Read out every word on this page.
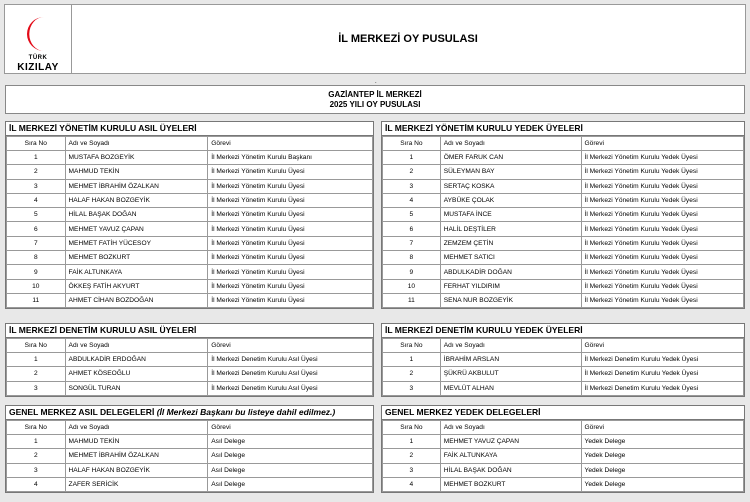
TÜRK
KIZILAY
İL MERKEZİ OY PUSULASI
.
GAZİANTEP İL MERKEZİ
2025 YILI OY PUSULASI
İL MERKEZİ YÖNETİM KURULU ASIL ÜYELERİ
Sıra No	Adı ve Soyadı	Görevi
1	MUSTAFA BOZGEYİK	İl Merkezi Yönetim Kurulu Başkanı
2	MAHMUD TEKİN	İl Merkezi Yönetim Kurulu Üyesi
3	MEHMET İBRAHİM ÖZALKAN	İl Merkezi Yönetim Kurulu Üyesi
4	HALAF HAKAN BOZGEYİK	İl Merkezi Yönetim Kurulu Üyesi
5	HİLAL BAŞAK DOĞAN	İl Merkezi Yönetim Kurulu Üyesi
6	MEHMET YAVUZ ÇAPAN	İl Merkezi Yönetim Kurulu Üyesi
7	MEHMET FATİH YÜCESOY	İl Merkezi Yönetim Kurulu Üyesi
8	MEHMET BOZKURT	İl Merkezi Yönetim Kurulu Üyesi
9	FAİK ALTUNKAYA	İl Merkezi Yönetim Kurulu Üyesi
10	ÖKKEŞ FATİH AKYURT	İl Merkezi Yönetim Kurulu Üyesi
11	AHMET CİHAN BOZDOĞAN	İl Merkezi Yönetim Kurulu Üyesi
İL MERKEZİ YÖNETİM KURULU YEDEK ÜYELERİ
Sıra No	Adı ve Soyadı	Görevi
1	ÖMER FARUK CAN	İl Merkezi Yönetim Kurulu Yedek Üyesi
2	SÜLEYMAN BAY	İl Merkezi Yönetim Kurulu Yedek Üyesi
3	SERTAÇ KOSKA	İl Merkezi Yönetim Kurulu Yedek Üyesi
4	AYBÜKE ÇOLAK	İl Merkezi Yönetim Kurulu Yedek Üyesi
5	MUSTAFA İNCE	İl Merkezi Yönetim Kurulu Yedek Üyesi
6	HALİL DEŞTİLER	İl Merkezi Yönetim Kurulu Yedek Üyesi
7	ZEMZEM ÇETİN	İl Merkezi Yönetim Kurulu Yedek Üyesi
8	MEHMET SATICI	İl Merkezi Yönetim Kurulu Yedek Üyesi
9	ABDULKADİR DOĞAN	İl Merkezi Yönetim Kurulu Yedek Üyesi
10	FERHAT YILDIRIM	İl Merkezi Yönetim Kurulu Yedek Üyesi
11	SENA NUR BOZGEYİK	İl Merkezi Yönetim Kurulu Yedek Üyesi
İL MERKEZİ DENETİM KURULU ASIL ÜYELERİ
Sıra No	Adı ve Soyadı	Görevi
1	ABDULKADİR ERDOĞAN	İl Merkezi Denetim Kurulu Asıl Üyesi
2	AHMET KÖSEOĞLU	İl Merkezi Denetim Kurulu Asıl Üyesi
3	SONGÜL TURAN	İl Merkezi Denetim Kurulu Asıl Üyesi
İL MERKEZİ DENETİM KURULU YEDEK ÜYELERİ
Sıra No	Adı ve Soyadı	Görevi
1	İBRAHİM ARSLAN	İl Merkezi Denetim Kurulu Yedek Üyesi
2	ŞÜKRÜ AKBULUT	İl Merkezi Denetim Kurulu Yedek Üyesi
3	MEVLÜT ALHAN	İl Merkezi Denetim Kurulu Yedek Üyesi
GENEL MERKEZ ASIL DELEGELERİ (İl Merkezi Başkanı bu listeye dahil edilmez.)
Sıra No	Adı ve Soyadı	Görevi
1	MAHMUD TEKİN	Asıl Delege
2	MEHMET İBRAHİM ÖZALKAN	Asıl Delege
3	HALAF HAKAN BOZGEYİK	Asıl Delege
4	ZAFER SERİCİK	Asıl Delege
GENEL MERKEZ YEDEK DELEGELERİ
Sıra No	Adı ve Soyadı	Görevi
1	MEHMET YAVUZ ÇAPAN	Yedek Delege
2	FAİK ALTUNKAYA	Yedek Delege
3	HİLAL BAŞAK DOĞAN	Yedek Delege
4	MEHMET BOZKURT	Yedek Delege
